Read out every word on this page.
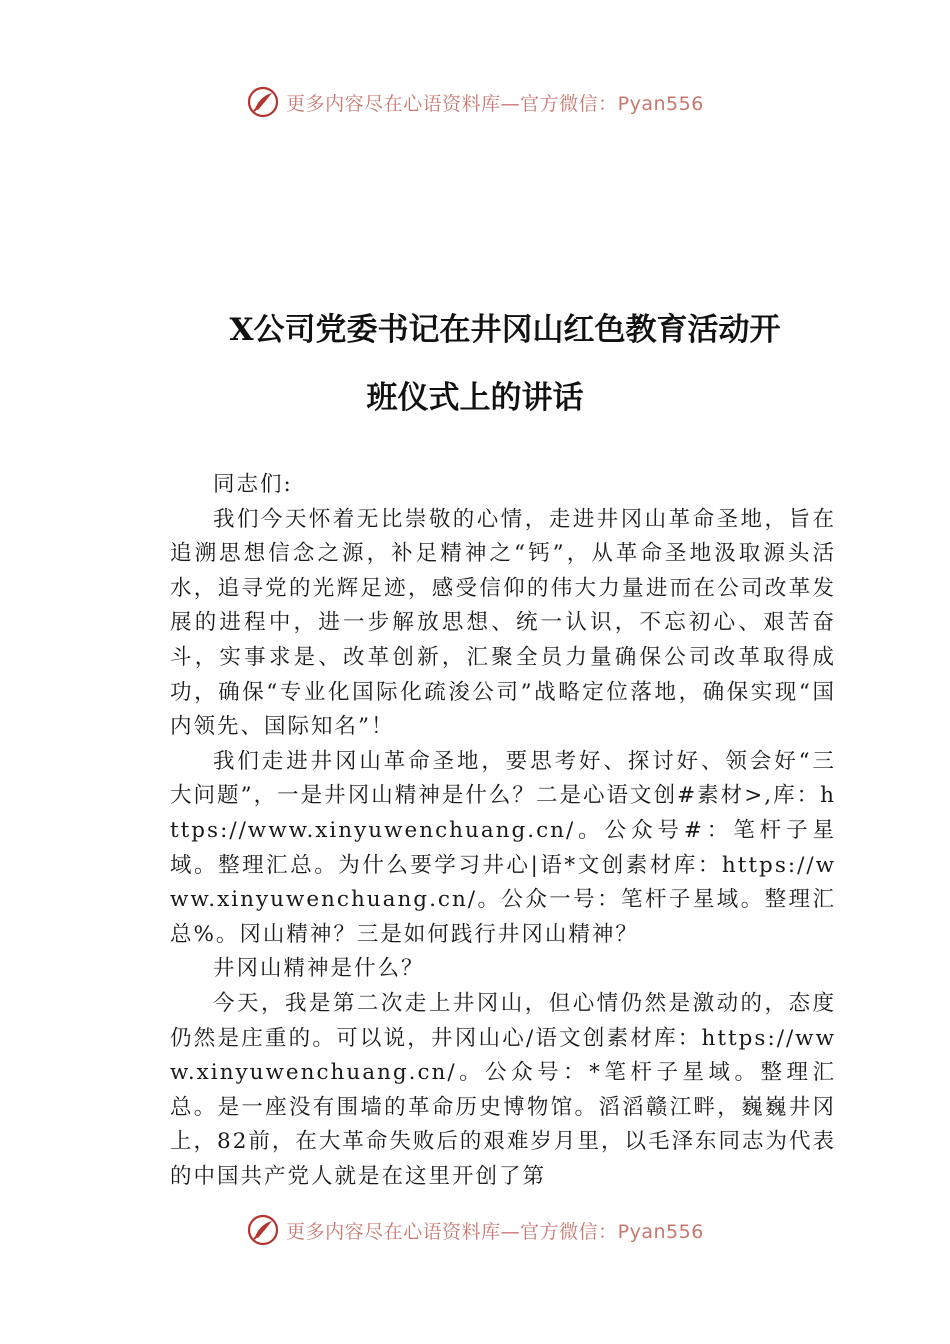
更多内容尽在心语资料库—官方微信：Pyan556
X公司党委书记在井冈山红色教育活动开
班仪式上的讲话

同志们:

我们今天怀着无比崇敬的心情，走进井冈山革命圣地，旨在追溯思想信念之源，补足精神之“钙”，从革命圣地汲取源头活水，追寻党的光辉足迹，感受信仰的伟大力量进而在公司改革发展的进程中，进一步解放思想、统一认识，不忘初心、艰苦奋斗，实事求是、改革创新，汇聚全员力量确保公司改革取得成功，确保“专业化国际化疏浚公司”战略定位落地，确保实现“国内领先、国际知名”！

我们走进井冈山革命圣地，要思考好、探讨好、领会好“三大问题”，一是井冈山精神是什么？二是心语文创#素材>,库：https://www.xinyuwenchuang.cn/。公众号#：笔杆子星域。整理汇总。为什么要学习井心|语*文创素材库：https://www.xinyuwenchuang.cn/。公众一号：笔杆子星域。整理汇总%。冈山精神？三是如何践行井冈山精神？

井冈山精神是什么？

今天，我是第二次走上井冈山，但心情仍然是激动的，态度仍然是庄重的。可以说，井冈山心/语文创素材库：https://www.xinyuwenchuang.cn/。公众号：*笔杆子星域。整理汇总。是一座没有围墙的革命历史博物馆。滔滔赣江畔，巍巍井冈上，82前，在大革命失败后的艰难岁月里，以毛泽东同志为代表的中国共产党人就是在这里开创了第

更多内容尽在心语资料库—官方微信：Pyan556
